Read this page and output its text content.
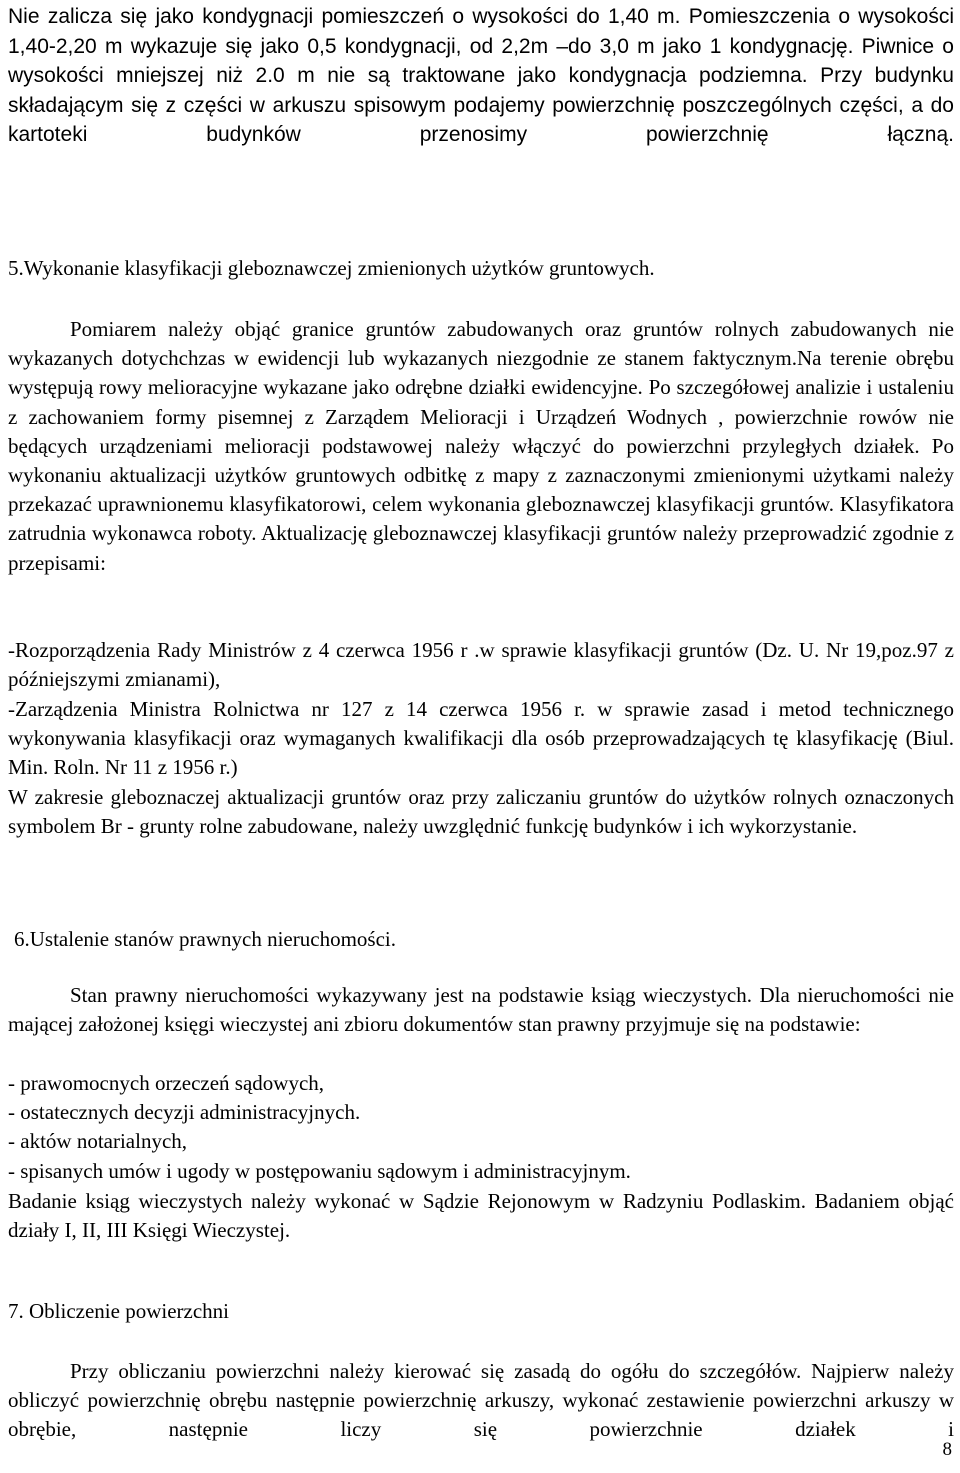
Nie zalicza się jako kondygnacji pomieszczeń o wysokości do 1,40 m. Pomieszczenia o wysokości 1,40-2,20 m wykazuje się jako 0,5 kondygnacji, od 2,2m –do 3,0 m jako 1 kondygnację. Piwnice o wysokości mniejszej niż 2.0 m nie są traktowane jako kondygnacja podziemna. Przy budynku składającym się z części w arkuszu spisowym podajemy powierzchnię poszczególnych części, a do kartoteki budynków przenosimy powierzchnię łączną.

5.Wykonanie klasyfikacji gleboznawczej zmienionych użytków gruntowych.

Pomiarem należy objąć granice gruntów zabudowanych oraz gruntów rolnych zabudowanych nie wykazanych dotychchzas w ewidencji lub wykazanych niezgodnie ze stanem faktycznym.Na terenie obrębu występują rowy melioracyjne wykazane jako odrębne działki ewidencyjne. Po szczegółowej analizie i ustaleniu z zachowaniem formy pisemnej z Zarządem Melioracji i Urządzeń Wodnych , powierzchnie rowów nie będących urządzeniami melioracji podstawowej należy włączyć do powierzchni przyległych działek. Po wykonaniu aktualizacji użytków gruntowych odbitkę z mapy z zaznaczonymi zmienionymi użytkami należy przekazać uprawnionemu klasyfikatorowi, celem wykonania gleboznawczej klasyfikacji gruntów. Klasyfikatora zatrudnia wykonawca roboty. Aktualizację gleboznawczej klasyfikacji gruntów należy przeprowadzić zgodnie z przepisami:

-Rozporządzenia Rady Ministrów z 4 czerwca 1956 r .w sprawie klasyfikacji gruntów (Dz. U. Nr 19,poz.97 z późniejszymi zmianami),

-Zarządzenia Ministra Rolnictwa nr 127 z 14 czerwca 1956 r. w sprawie zasad i metod technicznego wykonywania klasyfikacji oraz wymaganych kwalifikacji dla osób przeprowadzających tę klasyfikację (Biul. Min. Roln. Nr 11 z 1956 r.)

W zakresie gleboznaczej aktualizacji gruntów oraz przy zaliczaniu gruntów do użytków rolnych oznaczonych symbolem Br - grunty rolne zabudowane, należy uwzględnić funkcję budynków i ich wykorzystanie.

6.Ustalenie stanów prawnych nieruchomości.

Stan prawny nieruchomości wykazywany jest na podstawie ksiąg wieczystych. Dla nieruchomości nie mającej założonej księgi wieczystej ani zbioru dokumentów stan prawny przyjmuje się na podstawie:

- prawomocnych orzeczeń sądowych,

- ostatecznych decyzji administracyjnych.

- aktów notarialnych,

- spisanych umów i ugody w postępowaniu sądowym i administracyjnym.

Badanie ksiąg wieczystych należy wykonać w Sądzie Rejonowym w Radzyniu Podlaskim. Badaniem objąć działy I, II, III Księgi Wieczystej.

7. Obliczenie powierzchni

Przy obliczaniu powierzchni należy kierować się zasadą do ogółu do szczegółów. Najpierw należy obliczyć powierzchnię obrębu następnie powierzchnię arkuszy, wykonać zestawienie powierzchni arkuszy w obrębie, następnie liczy się powierzchnie działek i

8
